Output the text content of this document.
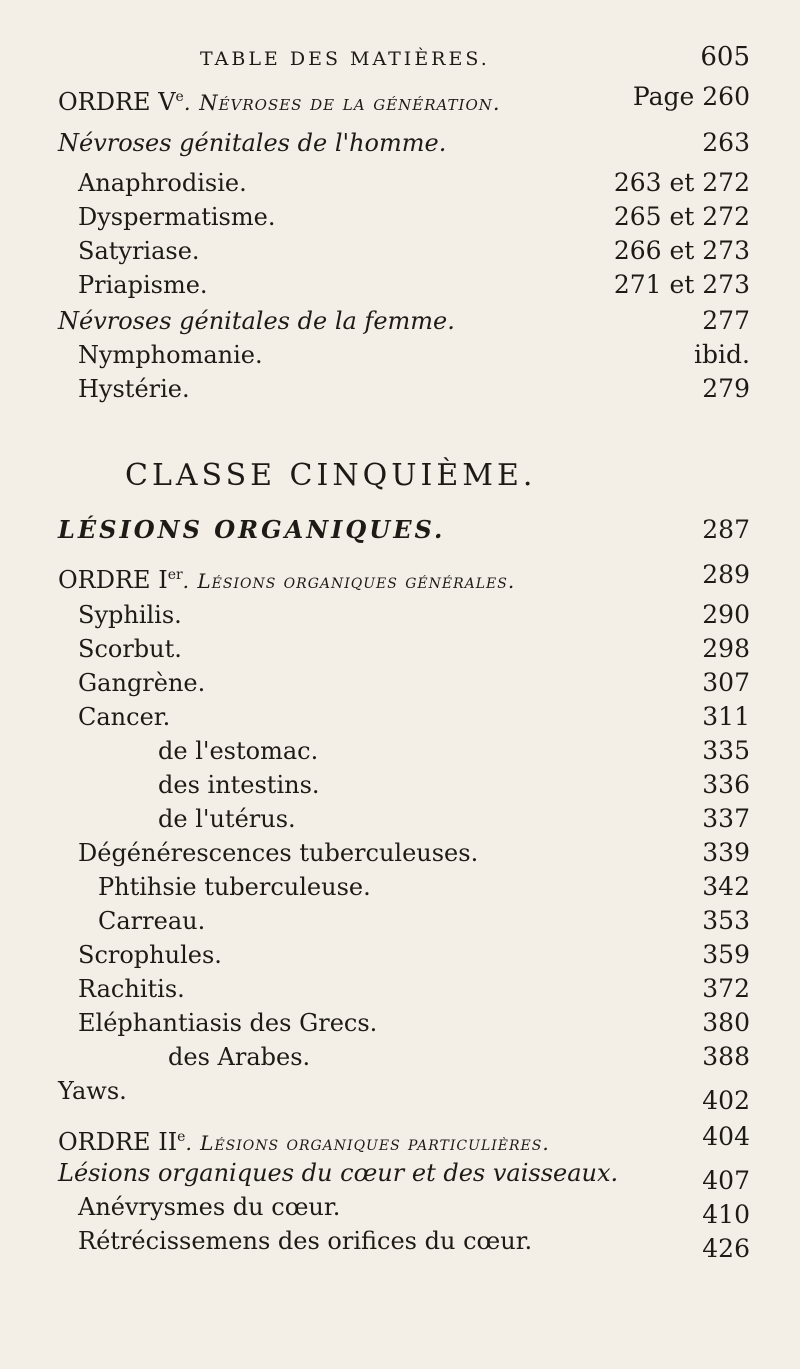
TABLE DES MATIÈRES.	605
ORDRE Ve. Névroses de la génération.	Page 260
Névroses génitales de l'homme.	263
Anaphrodisie.	263 et 272
Dyspermatisme.	265 et 272
Satyriase.	266 et 273
Priapisme.	271 et 273
Névroses génitales de la femme.	277
Nymphomanie.	ibid.
Hystérie.	279
CLASSE CINQUIÈME.
LÉSIONS ORGANIQUES.	287
ORDRE Ier. Lésions organiques générales.	289
Syphilis.	290
Scorbut.	298
Gangrène.	307
Cancer.	311
de l'estomac.	335
des intestins.	336
de l'utérus.	337
Dégénérescences tuberculeuses.	339
Phtihsie tuberculeuse.	342
Carreau.	353
Scrophules.	359
Rachitis.	372
Eléphantiasis des Grecs.	380
des Arabes.	388
Yaws.	402
ORDRE IIe. Lésions organiques particulières.	404
Lésions organiques du cœur et des vaisseaux.	407
Anévrysmes du cœur.	410
Rétrécissemens des orifices du cœur.	426
